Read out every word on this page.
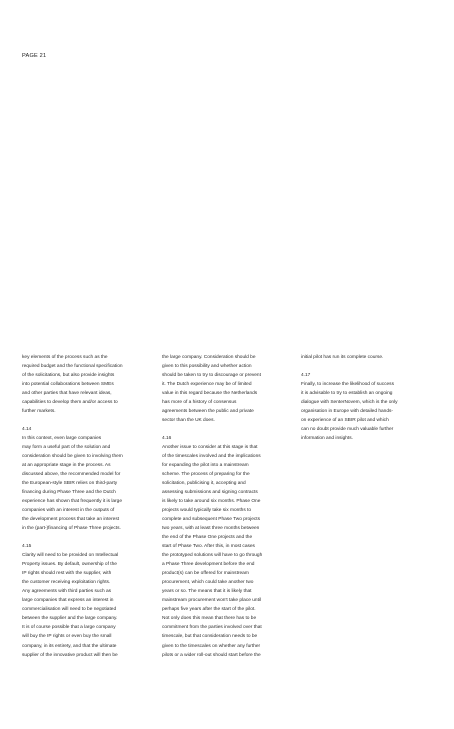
PAGE 21
key elements of the process such as the
required budget and the functional specification
of the solicitations, but also provide insights
into potential collaborations between SMEs
and other parties that have relevant ideas,
capabilities to develop them and/or access to
further markets.
4.14
In this context, even large companies
may form a useful part of the solution and
consideration should be given to involving them
at an appropriate stage in the process. As
discussed above, the recommended model for
the European-style SBIR relies on third-party
financing during Phase Three and the Dutch
experience has shown that frequently it is large
companies with an interest in the outputs of
the development process that take an interest
in the (part-)financing of Phase Three projects.
4.15
Clarity will need to be provided on Intellectual
Property issues. By default, ownership of the
IP rights should rest with the supplier, with
the customer receiving exploitation rights.
Any agreements with third parties such as
large companies that express an interest in
commercialisation will need to be negotiated
between the supplier and the large company.
It is of course possible that a large company
will buy the IP rights or even buy the small
company, in its entirety, and that the ultimate
supplier of the innovative product will then be
the large company. Consideration should be
given to this possibility and whether action
should be taken to try to discourage or prevent
it. The Dutch experience may be of limited
value in this regard because the Netherlands
has more of a history of consensus
agreements between the public and private
sector than the UK does.
4.16
Another issue to consider at this stage is that
of the timescales involved and the implications
for expanding the pilot into a mainstream
scheme. The process of preparing for the
solicitation, publicising it, accepting and
assessing submissions and signing contracts
is likely to take around six months. Phase One
projects would typically take six months to
complete and subsequent Phase Two projects
two years, with at least three months between
the end of the Phase One projects and the
start of Phase Two. After this, in most cases
the prototyped solutions will have to go through
a Phase Three development before the end
product(s) can be offered for mainstream
procurement, which could take another two
years or so. The means that it is likely that
mainstream procurement won't take place until
perhaps five years after the start of the pilot.
Not only does this mean that there has to be
commitment from the parties involved over that
timescale, but that consideration needs to be
given to the timescales on whether any further
pilots or a wider roll-out should start before the
initial pilot has run its complete course.
4.17
Finally, to increase the likelihood of success
it is advisable to try to establish an ongoing
dialogue with SenterNovem, which is the only
organisation in Europe with detailed hands-
on experience of an SBIR pilot and which
can no doubt provide much valuable further
information and insights.
